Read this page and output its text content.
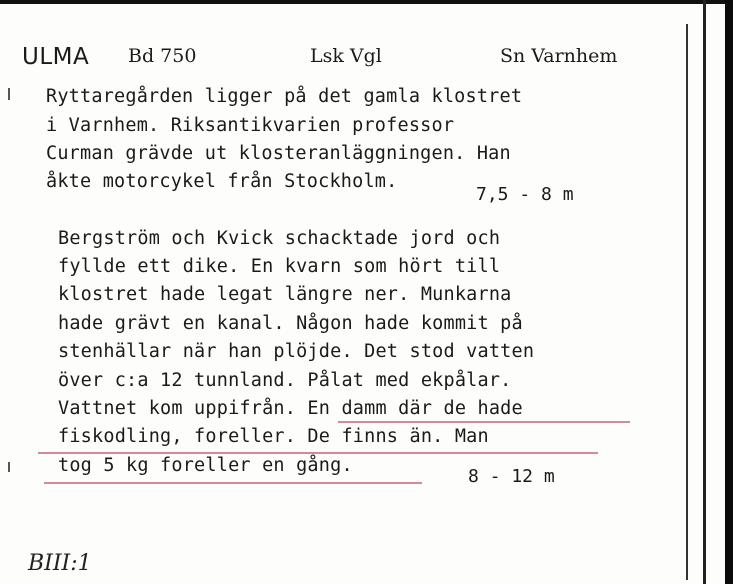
ULMA Bd 750	Lsk Vgl	Sn Varnhem

Ryttaregården ligger på det gamla klostret

i Varnhem. Riksantikvarien professor

Curman grävde ut klosteranläggningen. Han

åkte motorcykel från Stockholm.

7,5 - 8 m

Bergström och Kvick schacktade jord och

fyllde ett dike. En kvarn som hört till

klostret hade legat längre ner. Munkarna

hade grävt en kanal. Någon hade kommit på

stenhällar när han plöjde. Det stod vatten

över c:a 12 tunnland. Pålat med ekpålar.

Vattnet kom uppifrån. En damm där de hade

fiskodling, foreller. De finns än. Man

tog 5 kg foreller en gång.

8 - 12 m

BIII:1
